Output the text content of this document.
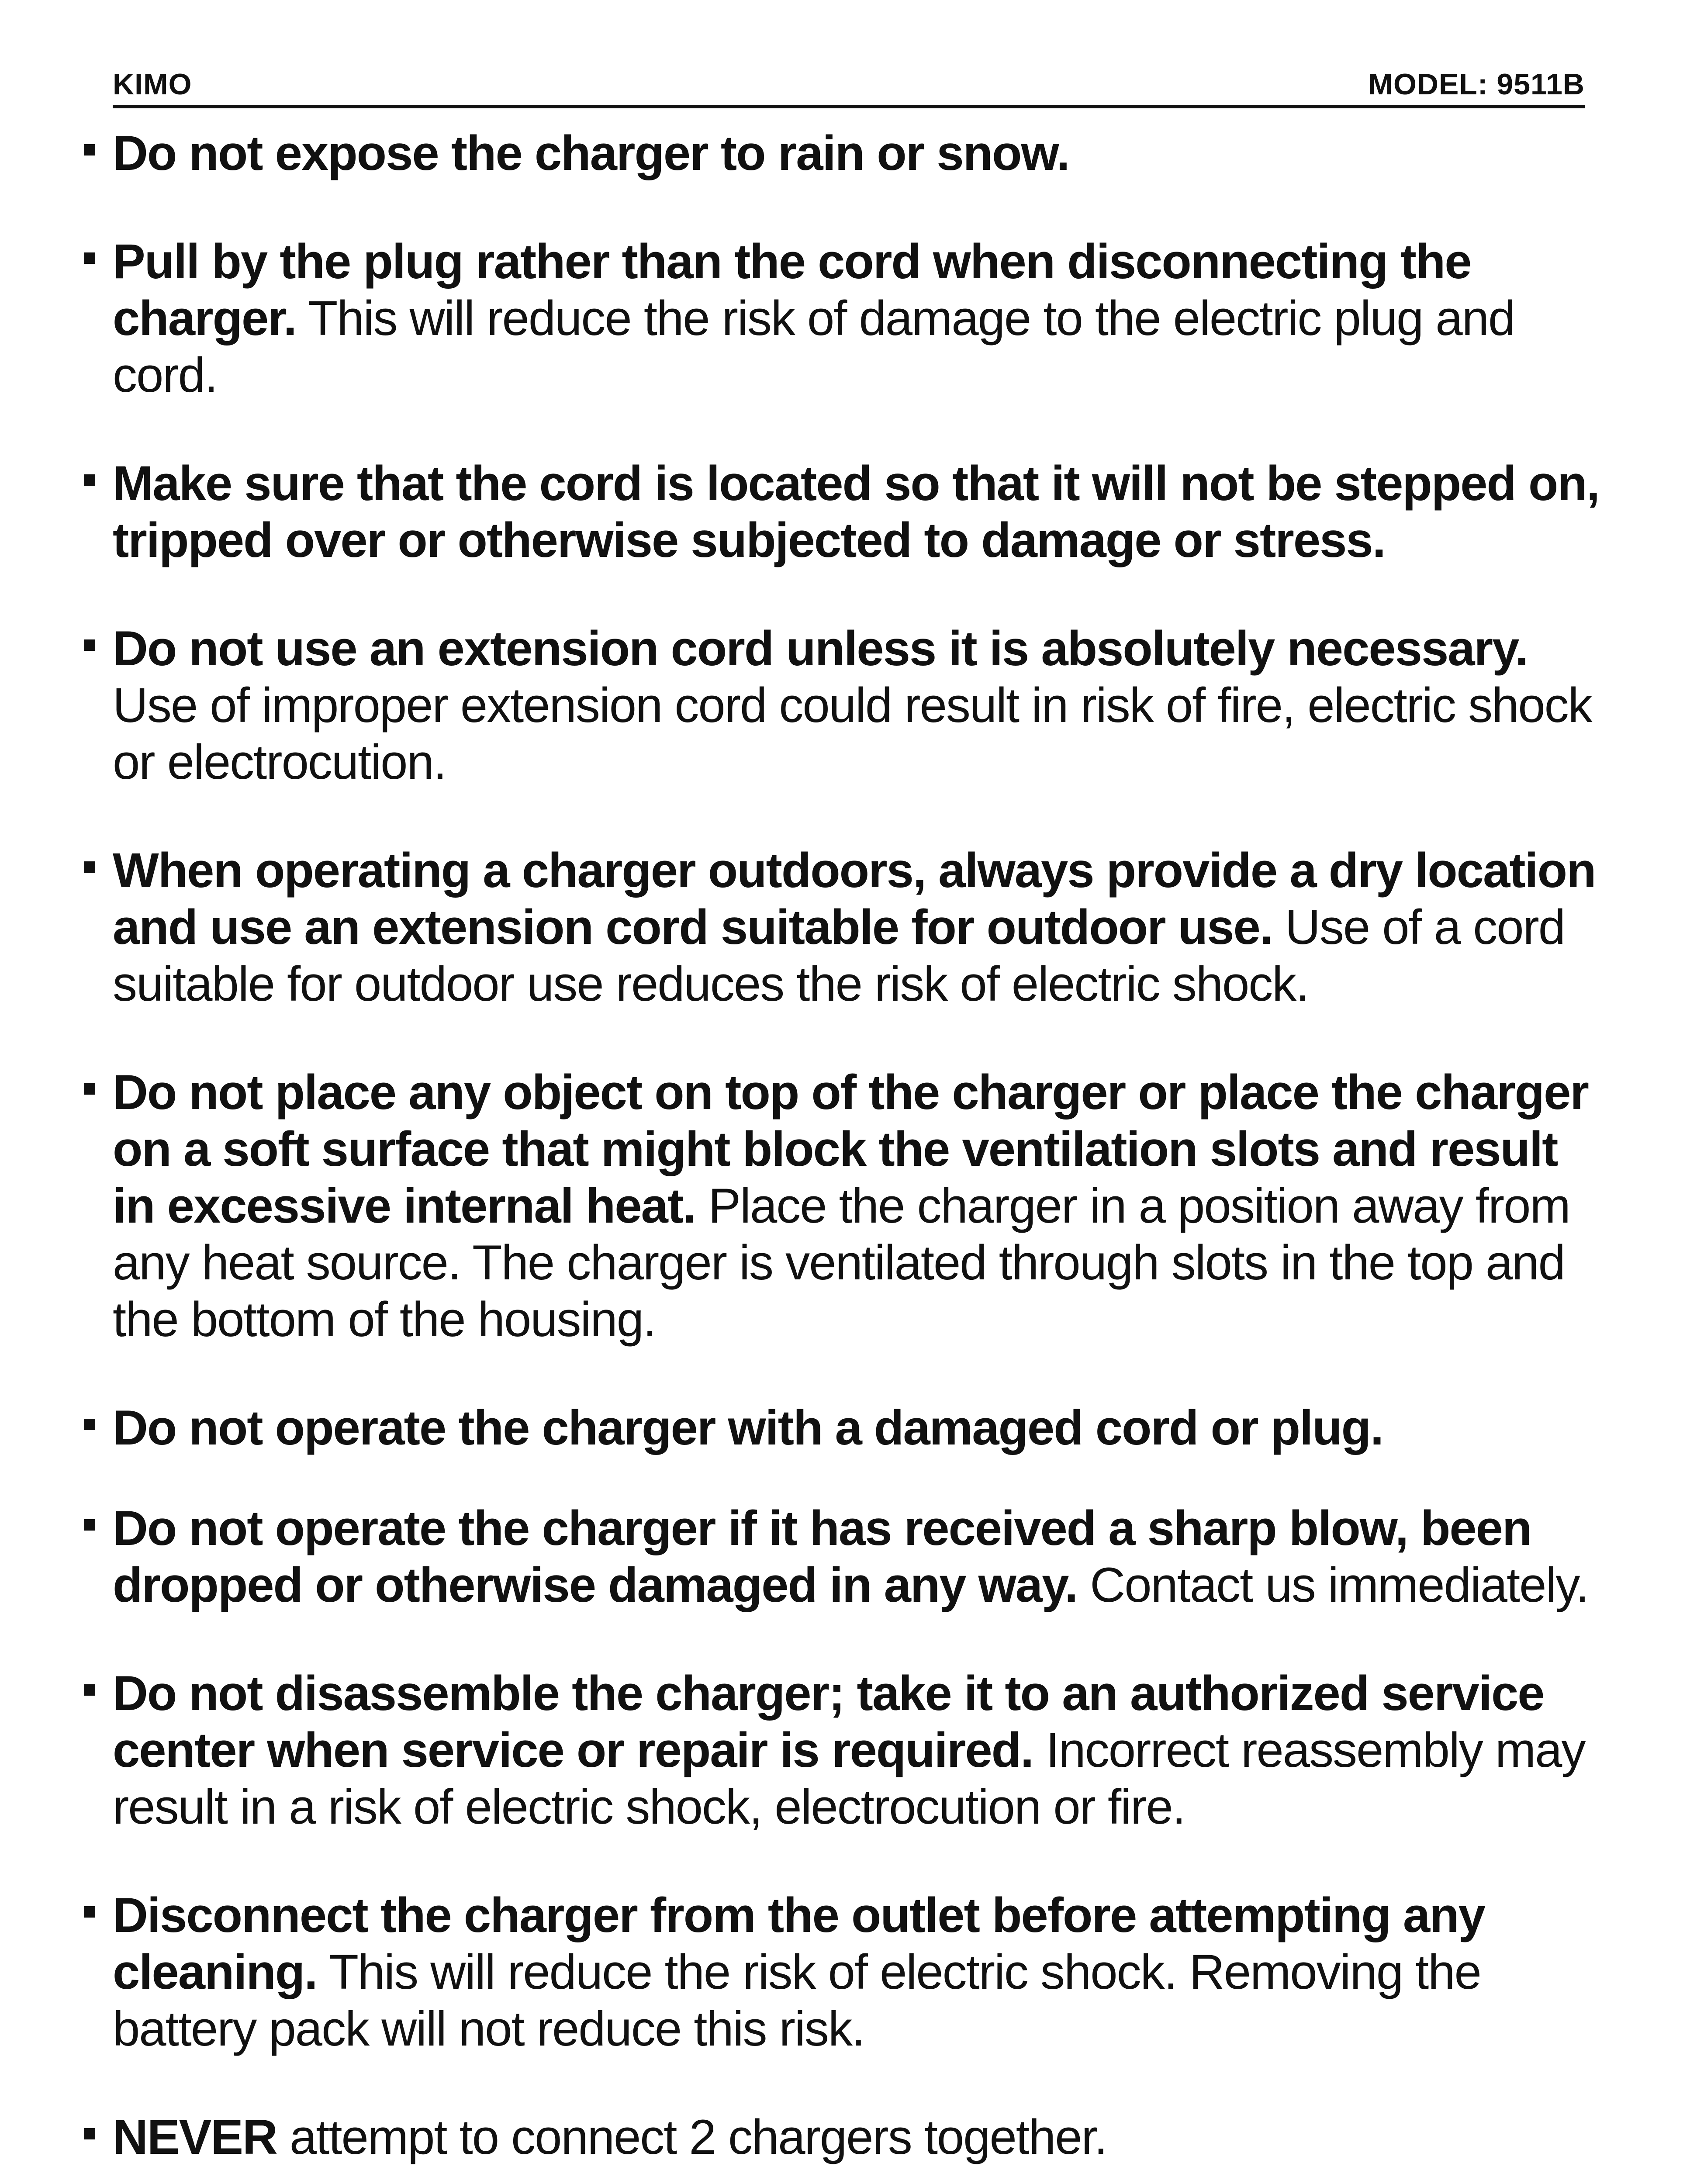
KIMO	MODEL: 9511B
Do not expose the charger to rain or snow.
Pull by the plug rather than the cord when disconnecting the charger. This will reduce the risk of damage to the electric plug and cord.
Make sure that the cord is located so that it will not be stepped on, tripped over or otherwise subjected to damage or stress.
Do not use an extension cord unless it is absolutely necessary. Use of improper extension cord could result in risk of fire, electric shock or electrocution.
When operating a charger outdoors, always provide a dry location and use an extension cord suitable for outdoor use. Use of a cord suitable for outdoor use reduces the risk of electric shock.
Do not place any object on top of the charger or place the charger on a soft surface that might block the ventilation slots and result in excessive internal heat. Place the charger in a position away from any heat source. The charger is ventilated through slots in the top and the bottom of the housing.
Do not operate the charger with a damaged cord or plug.
Do not operate the charger if it has received a sharp blow, been dropped or otherwise damaged in any way. Contact us immediately.
Do not disassemble the charger; take it to an authorized service center when service or repair is required. Incorrect reassembly may result in a risk of electric shock, electrocution or fire.
Disconnect the charger from the outlet before attempting any cleaning. This will reduce the risk of electric shock. Removing the battery pack will not reduce this risk.
NEVER attempt to connect 2 chargers together.
